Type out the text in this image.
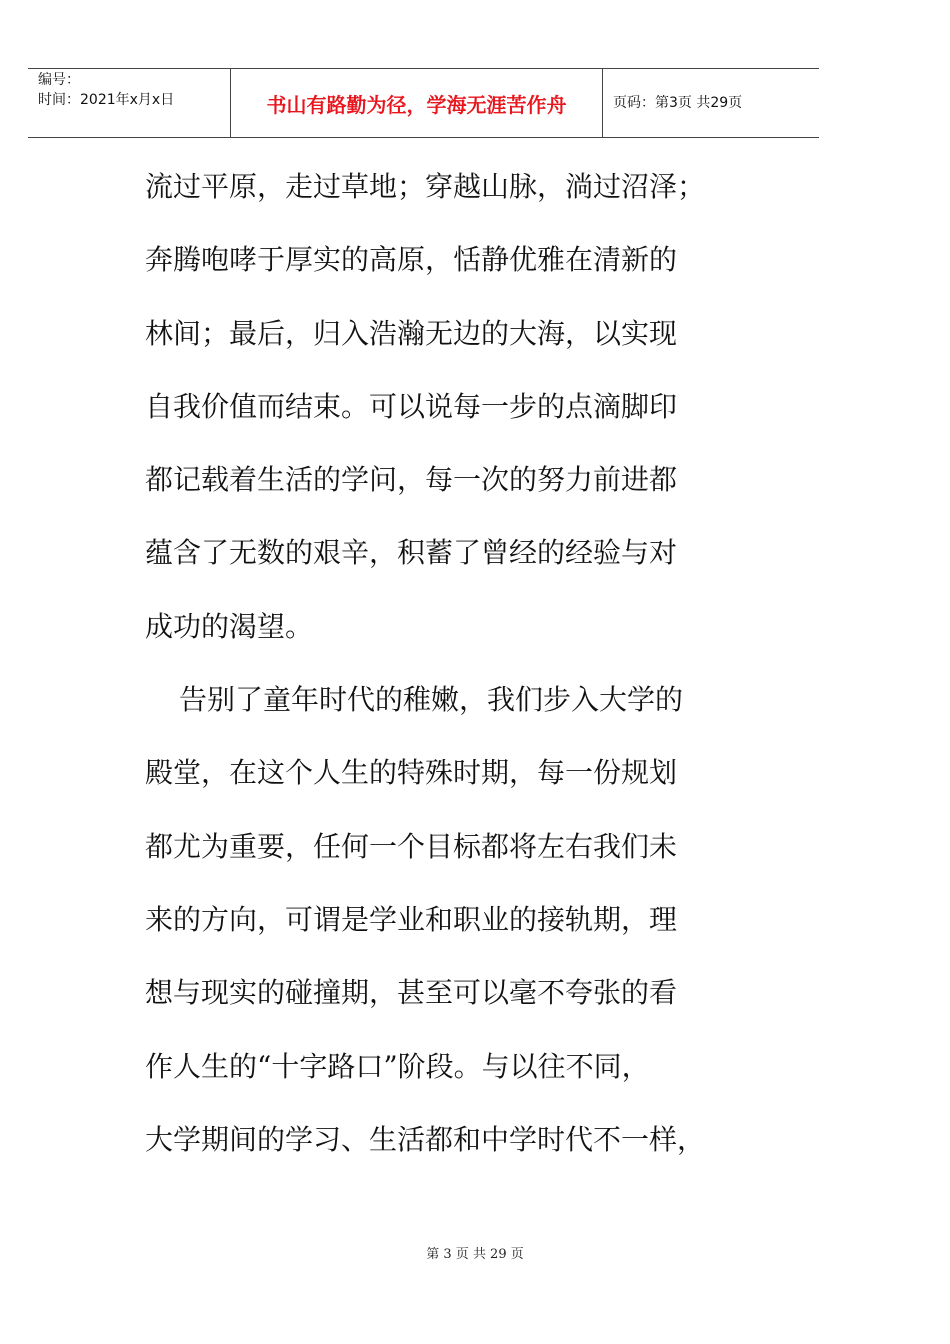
编号：
时间：2021年x月x日	书山有路勤为径，学海无涯苦作舟	页码：第3页 共29页
流过平原，走过草地；穿越山脉，淌过沼泽；
奔腾咆哮于厚实的高原，恬静优雅在清新的
林间；最后，归入浩瀚无边的大海，以实现
自我价值而结束。可以说每一步的点滴脚印
都记载着生活的学问，每一次的努力前进都
蕴含了无数的艰辛，积蓄了曾经的经验与对
成功的渴望。
告别了童年时代的稚嫩，我们步入大学的
殿堂，在这个人生的特殊时期，每一份规划
都尤为重要，任何一个目标都将左右我们未
来的方向，可谓是学业和职业的接轨期，理
想与现实的碰撞期，甚至可以毫不夸张的看
作人生的“十字路口”阶段。与以往不同，
大学期间的学习、生活都和中学时代不一样，
第 3 页 共 29 页
